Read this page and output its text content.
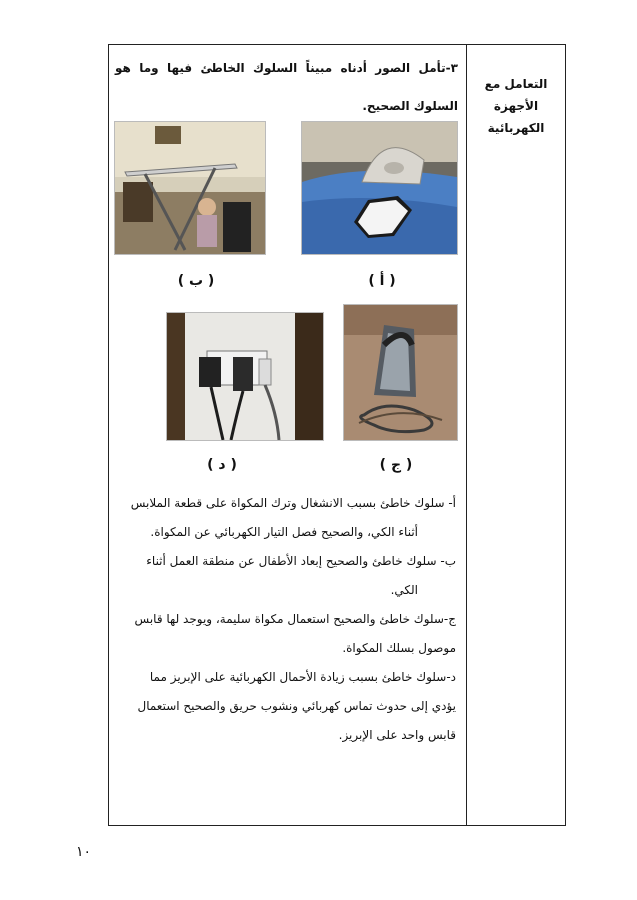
التعامل مع الأجهزة الكهربائية

٣-تأمل الصور أدناه مبيناً السلوك الخاطئ فيها وما هو السلوك الصحيح.
( أ )
( ب )
( ج )
( د )

أ- سلوك خاطئ بسبب الانشغال وترك المكواة على قطعة الملابس

أثناء الكي، والصحيح فصل التيار الكهربائي عن المكواة.

ب- سلوك خاطئ والصحيح إبعاد الأطفال عن منطقة العمل أثناء

الكي.

ج-سلوك خاطئ والصحيح استعمال مكواة سليمة، ويوجد لها قابس

موصول بسلك المكواة.

د-سلوك خاطئ بسبب زيادة الأحمال الكهربائية على الإبريز مما

يؤدي إلى حدوث تماس كهربائي ونشوب حريق والصحيح استعمال

قابس واحد على الإبريز.

١٠
